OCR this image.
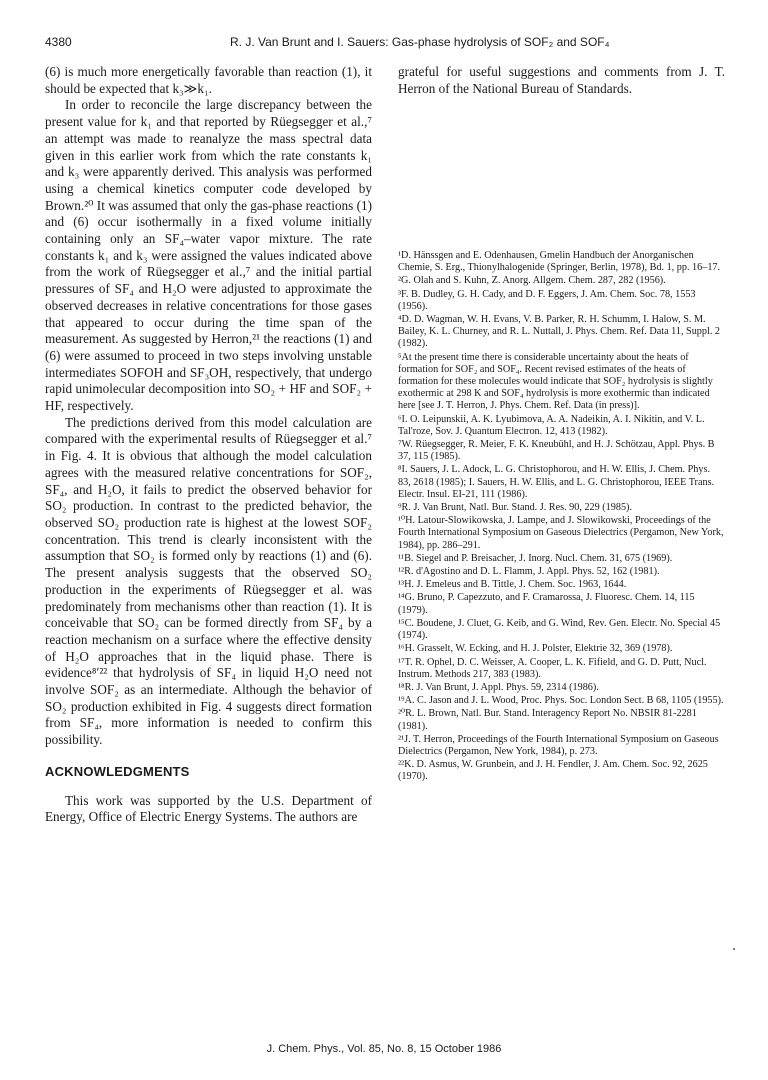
4380	R. J. Van Brunt and I. Sauers: Gas-phase hydrolysis of SOF₂ and SOF₄

(6) is much more energetically favorable than reaction (1), it should be expected that k₃≫k₁.

In order to reconcile the large discrepancy between the present value for k₁ and that reported by Rüegsegger et al.,⁷ an attempt was made to reanalyze the mass spectral data given in this earlier work from which the rate constants k₁ and k₃ were apparently derived. This analysis was performed using a chemical kinetics computer code developed by Brown.²⁰ It was assumed that only the gas-phase reactions (1) and (6) occur isothermally in a fixed volume initially containing only an SF₄–water vapor mixture. The rate constants k₁ and k₃ were assigned the values indicated above from the work of Rüegsegger et al.,⁷ and the initial partial pressures of SF₄ and H₂O were adjusted to approximate the observed decreases in relative concentrations for those gases that appeared to occur during the time span of the measurement. As suggested by Herron,²¹ the reactions (1) and (6) were assumed to proceed in two steps involving unstable intermediates SOFOH and SF₃OH, respectively, that undergo rapid unimolecular decomposition into SO₂ + HF and SOF₂ + HF, respectively.

The predictions derived from this model calculation are compared with the experimental results of Rüegsegger et al.⁷ in Fig. 4. It is obvious that although the model calculation agrees with the measured relative concentrations for SOF₂, SF₄, and H₂O, it fails to predict the observed behavior for SO₂ production. In contrast to the predicted behavior, the observed SO₂ production rate is highest at the lowest SOF₂ concentration. This trend is clearly inconsistent with the assumption that SO₂ is formed only by reactions (1) and (6). The present analysis suggests that the observed SO₂ production in the experiments of Rüegsegger et al. was predominately from mechanisms other than reaction (1). It is conceivable that SO₂ can be formed directly from SF₄ by a reaction mechanism on a surface where the effective density of H₂O approaches that in the liquid phase. There is evidence⁸ʹ²² that hydrolysis of SF₄ in liquid H₂O need not involve SOF₂ as an intermediate. Although the behavior of SO₂ production exhibited in Fig. 4 suggests direct formation from SF₄, more information is needed to confirm this possibility.

ACKNOWLEDGMENTS

This work was supported by the U.S. Department of Energy, Office of Electric Energy Systems. The authors are

grateful for useful suggestions and comments from J. T. Herron of the National Bureau of Standards.

¹D. Hänssgen and E. Odenhausen, Gmelin Handbuch der Anorganischen Chemie, S. Erg., Thionylhalogenide (Springer, Berlin, 1978), Bd. 1, pp. 16–17.
²G. Olah and S. Kuhn, Z. Anorg. Allgem. Chem. 287, 282 (1956).
³F. B. Dudley, G. H. Cady, and D. F. Eggers, J. Am. Chem. Soc. 78, 1553 (1956).
⁴D. D. Wagman, W. H. Evans, V. B. Parker, R. H. Schumm, I. Halow, S. M. Bailey, K. L. Churney, and R. L. Nuttall, J. Phys. Chem. Ref. Data 11, Suppl. 2 (1982).
⁵At the present time there is considerable uncertainty about the heats of formation for SOF₂ and SOF₄. Recent revised estimates of the heats of formation for these molecules would indicate that SOF₂ hydrolysis is slightly exothermic at 298 K and SOF₄ hydrolysis is more exothermic than indicated here [see J. T. Herron, J. Phys. Chem. Ref. Data (in press)].
⁶I. O. Leipunskii, A. K. Lyubimova, A. A. Nadeikin, A. I. Nikitin, and V. L. Tal'roze, Sov. J. Quantum Electron. 12, 413 (1982).
⁷W. Rüegsegger, R. Meier, F. K. Kneubühl, and H. J. Schötzau, Appl. Phys. B 37, 115 (1985).
⁸I. Sauers, J. L. Adock, L. G. Christophorou, and H. W. Ellis, J. Chem. Phys. 83, 2618 (1985); I. Sauers, H. W. Ellis, and L. G. Christophorou, IEEE Trans. Electr. Insul. EI-21, 111 (1986).
⁹R. J. Van Brunt, Natl. Bur. Stand. J. Res. 90, 229 (1985).
¹⁰H. Latour-Slowikowska, J. Lampe, and J. Slowikowski, Proceedings of the Fourth International Symposium on Gaseous Dielectrics (Pergamon, New York, 1984), pp. 286–291.
¹¹B. Siegel and P. Breisacher, J. Inorg. Nucl. Chem. 31, 675 (1969).
¹²R. d'Agostino and D. L. Flamm, J. Appl. Phys. 52, 162 (1981).
¹³H. J. Emeleus and B. Tittle, J. Chem. Soc. 1963, 1644.
¹⁴G. Bruno, P. Capezzuto, and F. Cramarossa, J. Fluoresc. Chem. 14, 115 (1979).
¹⁵C. Boudene, J. Cluet, G. Keib, and G. Wind, Rev. Gen. Electr. No. Special 45 (1974).
¹⁶H. Grasselt, W. Ecking, and H. J. Polster, Elektrie 32, 369 (1978).
¹⁷T. R. Ophel, D. C. Weisser, A. Cooper, L. K. Fifield, and G. D. Putt, Nucl. Instrum. Methods 217, 383 (1983).
¹⁸R. J. Van Brunt, J. Appl. Phys. 59, 2314 (1986).
¹⁹A. C. Jason and J. L. Wood, Proc. Phys. Soc. London Sect. B 68, 1105 (1955).
²⁰R. L. Brown, Natl. Bur. Stand. Interagency Report No. NBSIR 81-2281 (1981).
²¹J. T. Herron, Proceedings of the Fourth International Symposium on Gaseous Dielectrics (Pergamon, New York, 1984), p. 273.
²²K. D. Asmus, W. Grunbein, and J. H. Fendler, J. Am. Chem. Soc. 92, 2625 (1970).
J. Chem. Phys., Vol. 85, No. 8, 15 October 1986
